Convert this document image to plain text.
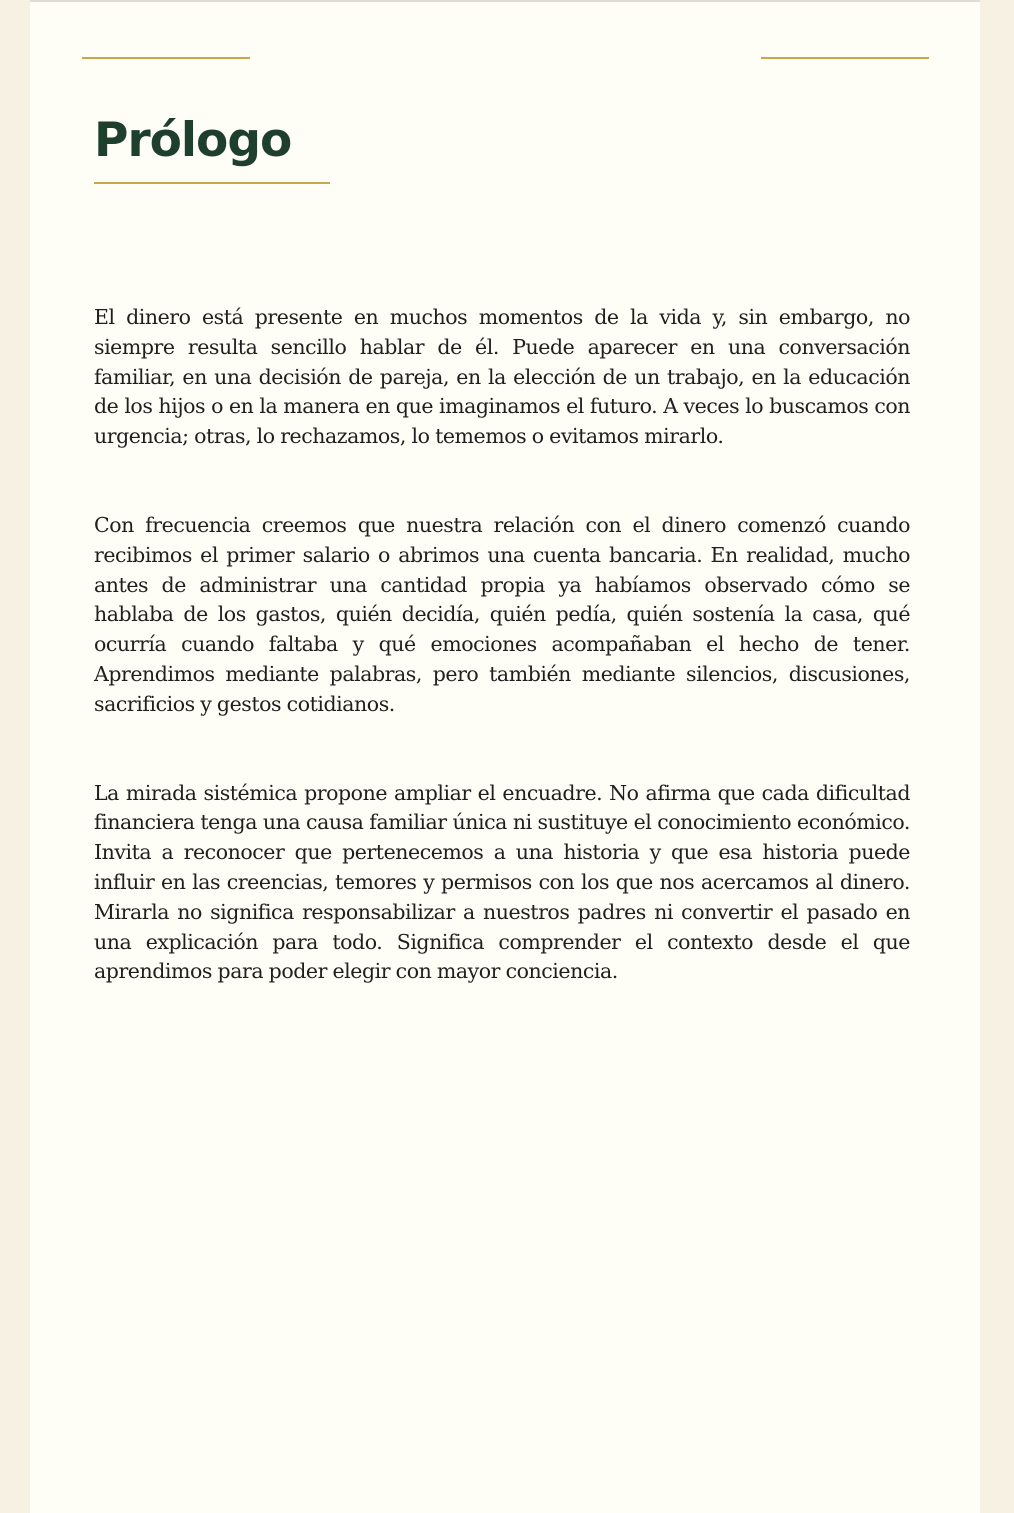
Prólogo

El dinero está presente en muchos momentos de la vida y, sin embargo, no siempre resulta sencillo hablar de él. Puede aparecer en una conversación familiar, en una decisión de pareja, en la elección de un trabajo, en la educación de los hijos o en la manera en que imaginamos el futuro. A veces lo buscamos con urgencia; otras, lo rechazamos, lo tememos o evitamos mirarlo.

Con frecuencia creemos que nuestra relación con el dinero comenzó cuando recibimos el primer salario o abrimos una cuenta bancaria. En realidad, mucho antes de administrar una cantidad propia ya habíamos observado cómo se hablaba de los gastos, quién decidía, quién pedía, quién sostenía la casa, qué ocurría cuando faltaba y qué emociones acompañaban el hecho de tener. Aprendimos mediante palabras, pero también mediante silencios, discusiones, sacrificios y gestos cotidianos.

La mirada sistémica propone ampliar el encuadre. No afirma que cada dificultad financiera tenga una causa familiar única ni sustituye el conocimiento económico. Invita a reconocer que pertenecemos a una historia y que esa historia puede influir en las creencias, temores y permisos con los que nos acercamos al dinero. Mirarla no significa responsabilizar a nuestros padres ni convertir el pasado en una explicación para todo. Significa comprender el contexto desde el que aprendimos para poder elegir con mayor conciencia.
